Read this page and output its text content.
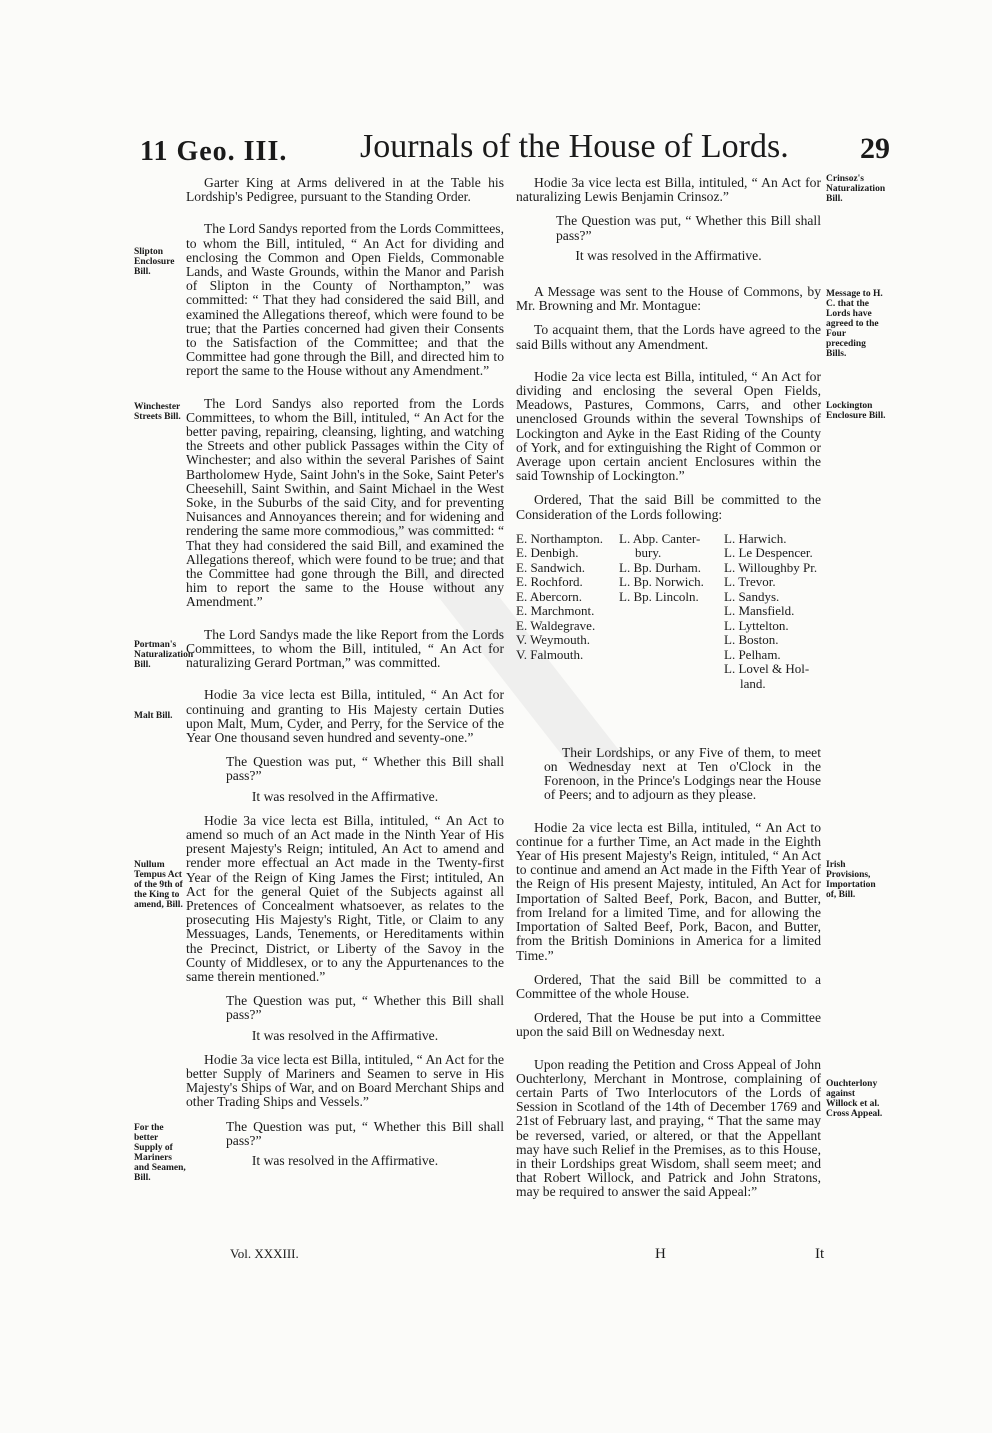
11 Geo. III. Journals of the House of Lords. 29
Slipton Enclosure Bill.
Winchester Streets Bill.
Portman's Naturalization Bill.
Malt Bill.
Nullum Tempus Act of the 9th of the King to amend, Bill.
For the better Supply of Mariners and Seamen, Bill.
Crinsoz's Naturalization Bill.
Message to H. C. that the Lords have agreed to the Four preceding Bills.
Lockington Enclosure Bill.
Irish Provisions, Importation of, Bill.
Ouchterlony against Willock et al. Cross Appeal.

Garter King at Arms delivered in at the Table his Lordship's Pedigree, pursuant to the Standing Order.

The Lord Sandys reported from the Lords Committees, to whom the Bill, intituled, “ An Act for dividing and enclosing the Common and Open Fields, Commonable Lands, and Waste Grounds, within the Manor and Parish of Slipton in the County of Northampton,” was committed: “ That they had considered the said Bill, and examined the Allegations thereof, which were found to be true; that the Parties concerned had given their Consents to the Satisfaction of the Committee; and that the Committee had gone through the Bill, and directed him to report the same to the House without any Amendment.”

The Lord Sandys also reported from the Lords Committees, to whom the Bill, intituled, “ An Act for the better paving, repairing, cleansing, lighting, and watching the Streets and other publick Passages within the City of Winchester; and also within the several Parishes of Saint Bartholomew Hyde, Saint John's in the Soke, Saint Peter's Cheesehill, Saint Swithin, and Saint Michael in the West Soke, in the Suburbs of the said City, and for preventing Nuisances and Annoyances therein; and for widening and rendering the same more commodious,” was committed: “ That they had considered the said Bill, and examined the Allegations thereof, which were found to be true; and that the Committee had gone through the Bill, and directed him to report the same to the House without any Amendment.”

The Lord Sandys made the like Report from the Lords Committees, to whom the Bill, intituled, “ An Act for naturalizing Gerard Portman,” was committed.

Hodie 3a vice lecta est Billa, intituled, “ An Act for continuing and granting to His Majesty certain Duties upon Malt, Mum, Cyder, and Perry, for the Service of the Year One thousand seven hundred and seventy-one.”

The Question was put, “ Whether this Bill shall pass?”

It was resolved in the Affirmative.

Hodie 3a vice lecta est Billa, intituled, “ An Act to amend so much of an Act made in the Ninth Year of His present Majesty's Reign; intituled, An Act to amend and render more effectual an Act made in the Twenty-first Year of the Reign of King James the First; intituled, An Act for the general Quiet of the Subjects against all Pretences of Concealment whatsoever, as relates to the prosecuting His Majesty's Right, Title, or Claim to any Messuages, Lands, Tenements, or Hereditaments within the Precinct, District, or Liberty of the Savoy in the County of Middlesex, or to any the Appurtenances to the same therein mentioned.”

The Question was put, “ Whether this Bill shall pass?”

It was resolved in the Affirmative.

Hodie 3a vice lecta est Billa, intituled, “ An Act for the better Supply of Mariners and Seamen to serve in His Majesty's Ships of War, and on Board Merchant Ships and other Trading Ships and Vessels.”

The Question was put, “ Whether this Bill shall pass?”

It was resolved in the Affirmative.

Hodie 3a vice lecta est Billa, intituled, “ An Act for naturalizing Lewis Benjamin Crinsoz.”

The Question was put, “ Whether this Bill shall pass?”

It was resolved in the Affirmative.

A Message was sent to the House of Commons, by Mr. Browning and Mr. Montague:

To acquaint them, that the Lords have agreed to the said Bills without any Amendment.

Hodie 2a vice lecta est Billa, intituled, “ An Act for dividing and enclosing the several Open Fields, Meadows, Pastures, Commons, Carrs, and other unenclosed Grounds within the several Townships of Lockington and Ayke in the East Riding of the County of York, and for extinguishing the Right of Common or Average upon certain ancient Enclosures within the said Township of Lockington.”

Ordered, That the said Bill be committed to the Consideration of the Lords following:

E. Northampton.
E. Denbigh.
E. Sandwich.
E. Rochford.
E. Abercorn.
E. Marchmont.
E. Waldegrave.
V. Weymouth.
V. Falmouth.
L. Abp. Canter-
bury.
L. Bp. Durham.
L. Bp. Norwich.
L. Bp. Lincoln.
L. Harwich.
L. Le Despencer.
L. Willoughby Pr.
L. Trevor.
L. Sandys.
L. Mansfield.
L. Lyttelton.
L. Boston.
L. Pelham.
L. Lovel & Hol-
land.

Their Lordships, or any Five of them, to meet on Wednesday next at Ten o'Clock in the Forenoon, in the Prince's Lodgings near the House of Peers; and to adjourn as they please.

Hodie 2a vice lecta est Billa, intituled, “ An Act to continue for a further Time, an Act made in the Eighth Year of His present Majesty's Reign, intituled, “ An Act to continue and amend an Act made in the Fifth Year of the Reign of His present Majesty, intituled, An Act for Importation of Salted Beef, Pork, Bacon, and Butter, from Ireland for a limited Time, and for allowing the Importation of Salted Beef, Pork, Bacon, and Butter, from the British Dominions in America for a limited Time.”

Ordered, That the said Bill be committed to a Committee of the whole House.

Ordered, That the House be put into a Committee upon the said Bill on Wednesday next.

Upon reading the Petition and Cross Appeal of John Ouchterlony, Merchant in Montrose, complaining of certain Parts of Two Interlocutors of the Lords of Session in Scotland of the 14th of December 1769 and 21st of February last, and praying, “ That the same may be reversed, varied, or altered, or that the Appellant may have such Relief in the Premises, as to this House, in their Lordships great Wisdom, shall seem meet; and that Robert Willock, and Patrick and John Stratons, may be required to answer the said Appeal:”

Vol. XXXIII.	H	It
